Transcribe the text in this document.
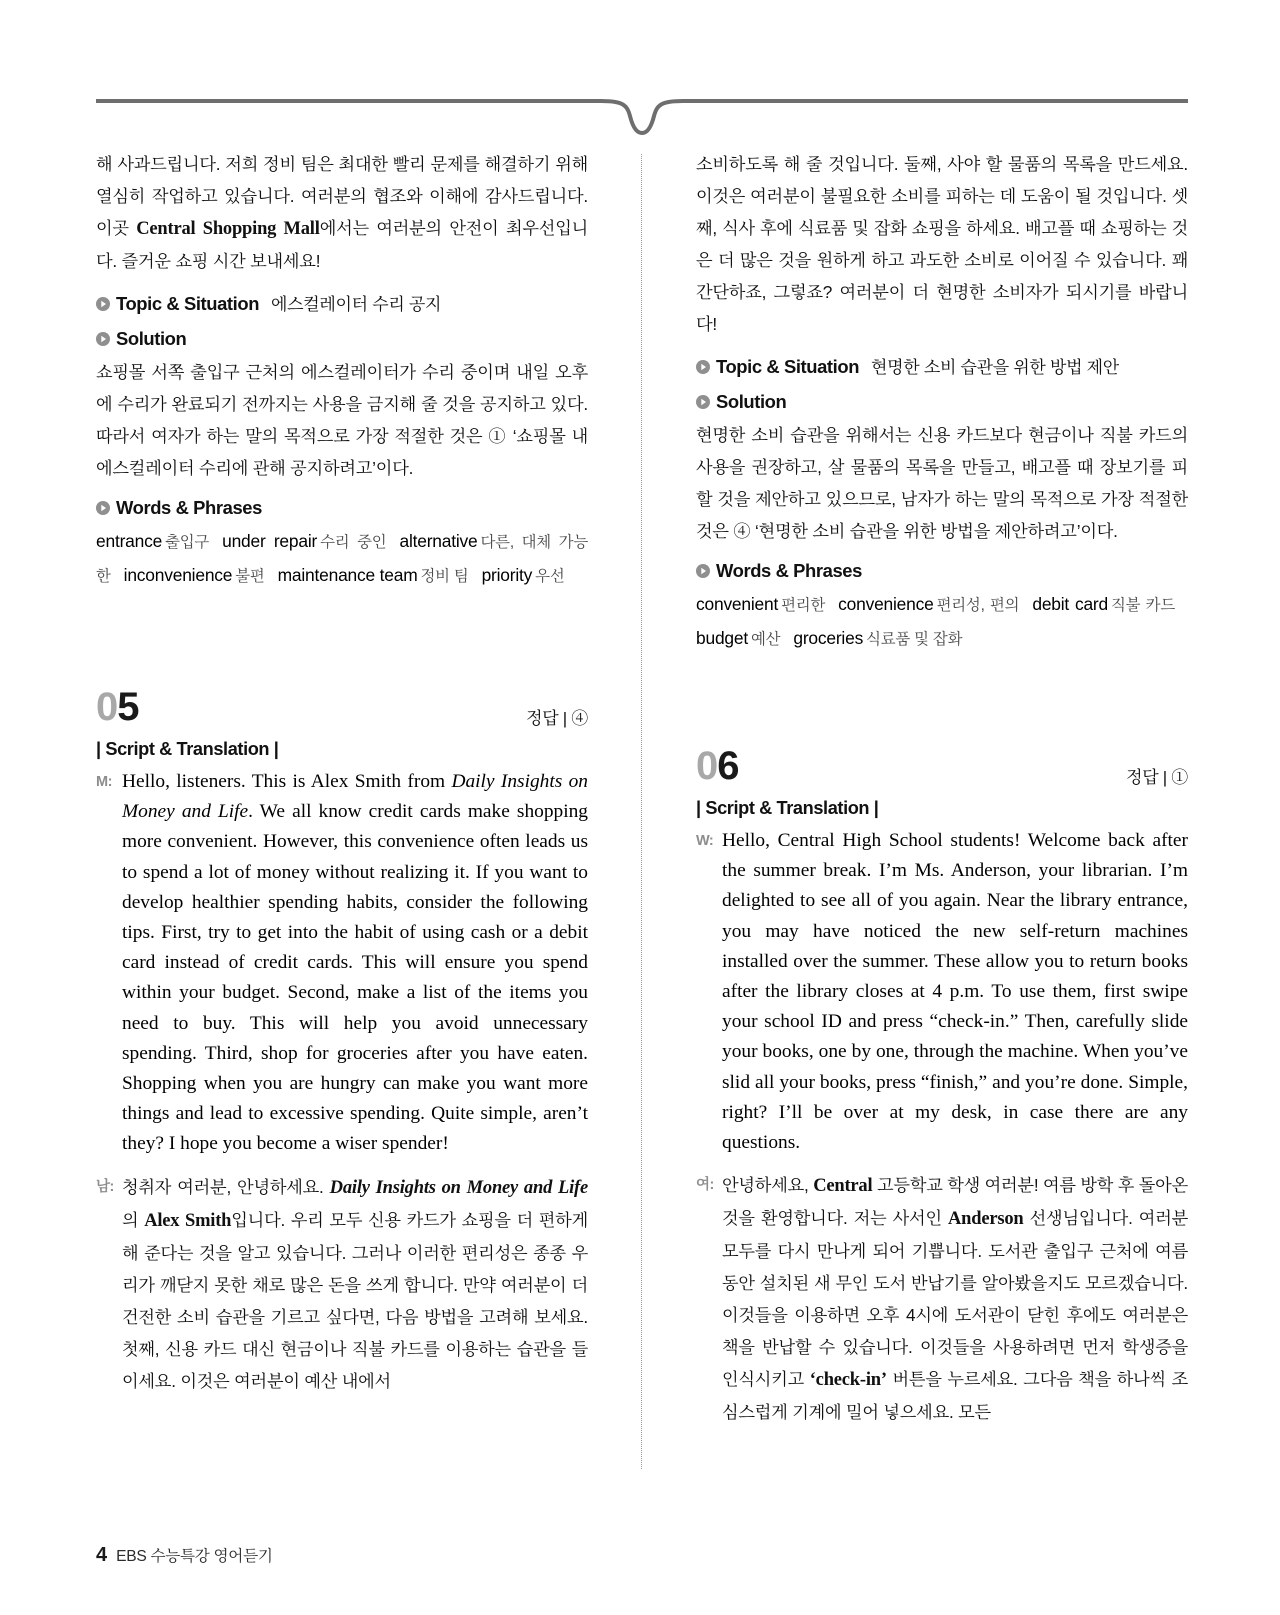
해 사과드립니다. 저희 정비 팀은 최대한 빨리 문제를 해결하기 위해 열심히 작업하고 있습니다. 여러분의 협조와 이해에 감사드립니다. 이곳 Central Shopping Mall에서는 여러분의 안전이 최우선입니다. 즐거운 쇼핑 시간 보내세요!

Topic & Situation 에스컬레이터 수리 공지
Solution

쇼핑몰 서쪽 출입구 근처의 에스컬레이터가 수리 중이며 내일 오후에 수리가 완료되기 전까지는 사용을 금지해 줄 것을 공지하고 있다. 따라서 여자가 하는 말의 목적으로 가장 적절한 것은 ① ‘쇼핑몰 내 에스컬레이터 수리에 관해 공지하려고’이다.

Words & Phrases
entrance 출입구 under repair 수리 중인 alternative 다른, 대체 가능한 inconvenience 불편 maintenance team 정비 팀 priority 우선
05	정답 | ④
| Script & Translation |
M: Hello, listeners. This is Alex Smith from Daily Insights on Money and Life. We all know credit cards make shopping more convenient. However, this convenience often leads us to spend a lot of money without realizing it. If you want to develop healthier spending habits, consider the following tips. First, try to get into the habit of using cash or a debit card instead of credit cards. This will ensure you spend within your budget. Second, make a list of the items you need to buy. This will help you avoid unnecessary spending. Third, shop for groceries after you have eaten. Shopping when you are hungry can make you want more things and lead to excessive spending. Quite simple, aren’t they? I hope you become a wiser spender!
남: 청취자 여러분, 안녕하세요. Daily Insights on Money and Life의 Alex Smith입니다. 우리 모두 신용 카드가 쇼핑을 더 편하게 해 준다는 것을 알고 있습니다. 그러나 이러한 편리성은 종종 우리가 깨닫지 못한 채로 많은 돈을 쓰게 합니다. 만약 여러분이 더 건전한 소비 습관을 기르고 싶다면, 다음 방법을 고려해 보세요. 첫째, 신용 카드 대신 현금이나 직불 카드를 이용하는 습관을 들이세요. 이것은 여러분이 예산 내에서

소비하도록 해 줄 것입니다. 둘째, 사야 할 물품의 목록을 만드세요. 이것은 여러분이 불필요한 소비를 피하는 데 도움이 될 것입니다. 셋째, 식사 후에 식료품 및 잡화 쇼핑을 하세요. 배고플 때 쇼핑하는 것은 더 많은 것을 원하게 하고 과도한 소비로 이어질 수 있습니다. 꽤 간단하죠, 그렇죠? 여러분이 더 현명한 소비자가 되시기를 바랍니다!

Topic & Situation 현명한 소비 습관을 위한 방법 제안
Solution

현명한 소비 습관을 위해서는 신용 카드보다 현금이나 직불 카드의 사용을 권장하고, 살 물품의 목록을 만들고, 배고플 때 장보기를 피할 것을 제안하고 있으므로, 남자가 하는 말의 목적으로 가장 적절한 것은 ④ ‘현명한 소비 습관을 위한 방법을 제안하려고’이다.

Words & Phrases
convenient 편리한 convenience 편리성, 편의 debit card 직불 카드budget 예산 groceries 식료품 및 잡화
06	정답 | ①
| Script & Translation |
W: Hello, Central High School students! Welcome back after the summer break. I’m Ms. Anderson, your librarian. I’m delighted to see all of you again. Near the library entrance, you may have noticed the new self-return machines installed over the summer. These allow you to return books after the library closes at 4 p.m. To use them, first swipe your school ID and press “check-in.” Then, carefully slide your books, one by one, through the machine. When you’ve slid all your books, press “finish,” and you’re done. Simple, right? I’ll be over at my desk, in case there are any questions.
여: 안녕하세요, Central 고등학교 학생 여러분! 여름 방학 후 돌아온 것을 환영합니다. 저는 사서인 Anderson 선생님입니다. 여러분 모두를 다시 만나게 되어 기쁩니다. 도서관 출입구 근처에 여름 동안 설치된 새 무인 도서 반납기를 알아봤을지도 모르겠습니다. 이것들을 이용하면 오후 4시에 도서관이 닫힌 후에도 여러분은 책을 반납할 수 있습니다. 이것들을 사용하려면 먼저 학생증을 인식시키고 ‘check-in’ 버튼을 누르세요. 그다음 책을 하나씩 조심스럽게 기계에 밀어 넣으세요. 모든
4 EBS 수능특강 영어듣기
